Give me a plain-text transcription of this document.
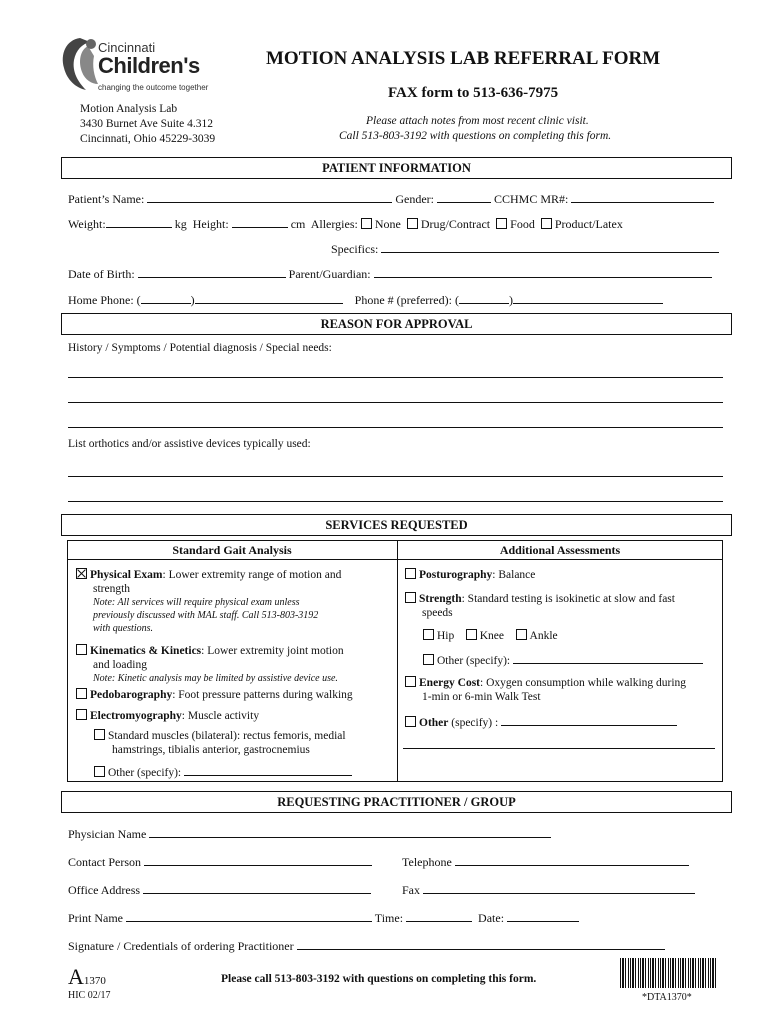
Cincinnati
Children's
changing the outcome together
Motion Analysis Lab
3430 Burnet Ave Suite 4.312
Cincinnati, Ohio 45229-3039
MOTION ANALYSIS LAB REFERRAL FORM
FAX form to 513-636-7975
Please attach notes from most recent clinic visit.
Call 513-803-3192 with questions on completing this form.
PATIENT INFORMATION
Patient’s Name:	Gender:	CCHMC MR#:
Weight:	kg Height:	cm Allergies: None Drug/Contract Food Product/Latex
Specifics:
Date of Birth:	Parent/Guardian:
Home Phone: (	)	Phone # (preferred): (	)
REASON FOR APPROVAL
History / Symptoms / Potential diagnosis / Special needs:
List orthotics and/or assistive devices typically used:
SERVICES REQUESTED
Standard Gait Analysis	Additional Assessments
Physical Exam: Lower extremity range of motion and
strength
Note: All services will require physical exam unless
previously discussed with MAL staff. Call 513-803-3192
with questions.
Kinematics & Kinetics: Lower extremity joint motion
and loading
Note: Kinetic analysis may be limited by assistive device use.
Pedobarography: Foot pressure patterns during walking
Electromyography: Muscle activity
Standard muscles (bilateral): rectus femoris, medial
hamstrings, tibialis anterior, gastrocnemius
Other (specify):
Posturography: Balance
Strength: Standard testing is isokinetic at slow and fast
speeds
Hip Knee Ankle
Other (specify):
Energy Cost: Oxygen consumption while walking during
1-min or 6-min Walk Test
Other (specify) :
REQUESTING PRACTITIONER / GROUP
Physician Name
Contact Person	Telephone
Office Address	Fax
Print Name	Time:	Date:
Signature / Credentials of ordering Practitioner
A1370
HIC 02/17
Please call 513-803-3192 with questions on completing this form.
*DTA1370*
